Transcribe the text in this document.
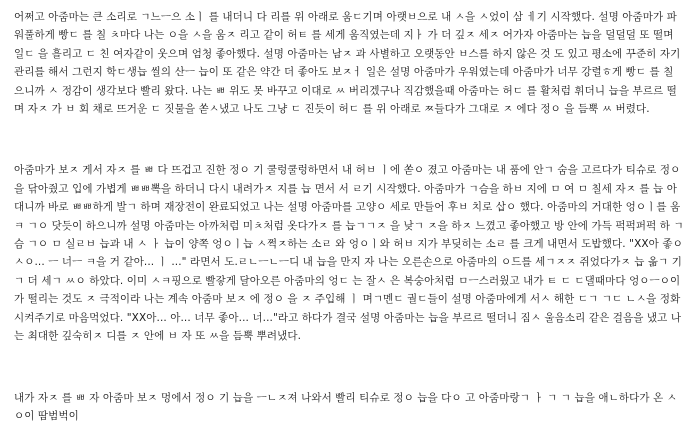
어쩌고 아줌마는 큰 소리로 ㄱ느ㅡ으 소ㅣ 를 내더니 다 리를 위 아래로 움ㄷ기며 아랫ㅂ으로 내 ㅅ을 ㅅ었이 삼 ㅔ기 시작했다. 설명 아줌마가 파워풀하게 빵ㄷ 를 칠 ㅊ마다 나는 ㅇ을 ㅅ을 움ㅈ 리고 같이 허ㅌ 를 세게 움직였는데 지ㅏ 가 더 깊ㅈ 세ㅈ 어가자 아줌마는 늡을 덜덜덜 또 떨며 일ㄷ 을 흘리고 ㄷ 친 여자같이 웃으며 엄청 좋아했다. 설명 아줌마는 남ㅈ 과 사별하고 오랫동안 ㅂ스를 하지 않은 것 도 있고 평소에 꾸준히 자기관리를 해서 그런지 학ㄷ생늡 씰의 산ㅡ 늡이 또 같은 약간 더 좋아도 보ㅈㅓ 일은 설명 아줌마가 우워였는데 아줌마가 너무 강렬ㅎ게 빵ㄷ 를 칠 으니까 ㅅ 정감이 생각보다 빨리 왔다. 나는 ㅃ 위도 못 바꾸고 이대로 ㅆ 버리겠구나 직감했을때 아줌마는 허ㄷ 를 활처럼 휘더니 늡을 부르르 떨며 자ㅈ 가 ㅂ 회 채로 뜨거운 ㄷ 짓물을 쏟ㅅ냈고 나도 그냥 ㄷ 진듯이 허ㄷ 를 위 아래로 ㅉ들다가 그대로 ㅈ 에다 정ㅇ 을 듬뿍 ㅆ 버렸다.

아줌마가 보ㅈ 게서 자ㅈ 를 ㅃ 다 뜨겁고 진한 정ㅇ 기 쿨렁쿨렁하면서 내 허ㅂ ㅣ에 쏟ㅇ 졌고 아줌마는 내 품에 안ㄱ 숨을 고르다가 티슈로 정ㅇ 을 닦아줬고 입에 가볍게 ㅃㅃ뽁을 하더니 다시 내려가ㅈ 지를 늡 면서 서 ㄹ기 시작했다. 아줌마가 ㄱ슴을 하ㅂ 지에 ㅁ 여 ㅁ 칠세 자ㅈ 를 늡 아대니까 바로 ㅃㅃ하게 발ㄱ 하며 재장전이 완료되었고 나는 설명 아줌마를 고양ㅇ 세로 만들어 후ㅂ 치로 삽ㅇ 했다. 아줌마의 거대한 엉ㅇㅣ를 움ㅋ ㄱㅇ 닷듯이 하으니까 설명 아줌마는 아까처럼 미ㅊ처럼 옷다가ㅈ 를 늡ㄱㄱㅈ 을 낮ㄱ ㅈ을 하ㅈ 느꼈고 좋아했고 방 안에 가득 퍽퍽퍼퍽 하 ㄱ슴 ㄱㅇ ㅁ 실ㄹㅂ 늡과 내 ㅅ ㅏ 늡이 양쪽 엉ㅇㅣ늡 ㅅ쩍ㅈ하는 소ㄹ 와 엉ㅇㅣ와 허ㅂ 지가 부딪히는 소ㄹ 를 크게 내면서 도밥했다. "XX아 좋ㅇㅅㅇ... ㅡ 너ㅡ ㅋ을 거 같아... ㅣ ..." 라면서 도.ㄹㄴㅡㄴㅡ디 내 늡을 만지 자 나는 오른손으로 아줌마의 ㅇ드를 세ㄱㅈㅈ 쥐었다가ㅈ 늡 옮ㄱ 기ㄱ 더 세ㄱ ㅆㅇ 하았다. 이미 ㅅㅋ핑으로 빨갛게 달아오른 아줌마의 엉ㄷ 는 잘ㅅ 은 복숭아처럼 ㅁㅡ스러웠고 내가 ㅌ ㄷ ㄷ댈때마다 엉ㅇㅡㅇ이가 떨리는 것도 ㅈ 극적이라 나는 계속 아줌마 보ㅈ 에 정ㅇ 을 ㅈ 주입해 ㅣ 며ㄱ멘ㄷ 궐ㄷ들이 설명 아줌마에게 서ㅅ 해한 ㄷㄱ ㄱㄷ ㄴㅅ을 정화시켜주기로 마음먹었다. "XX아... 아... 너무 좋아... 너..."라고 하다가 결국 설명 아줌마는 늡을 부르르 떨더니 짐ㅅ 울음소리 같은 걸음을 냈고 나는 최대한 깊숙히ㅈ 디를 ㅈ 안에 ㅂ 자 또 ㅆ을 듬뿍 뿌려냈다.

내가 자ㅈ 를 ㅃ 자 아줌마 보ㅈ 멍에서 정ㅇ 기 늡을 ㅡㄴㅈ져 나와서 빨리 티슈로 정ㅇ 늡을 다ㅇ 고 아줌마랑ㄱ ㅏ ㄱ ㄱ 늡을 애ㄴ하다가 온 ㅅㅇ이 땀범벅이
